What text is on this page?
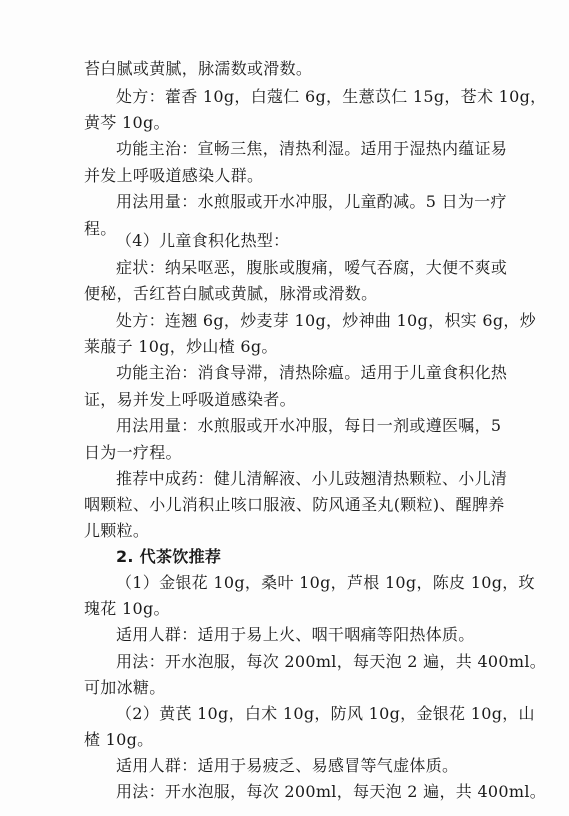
苔白腻或黄腻，脉濡数或滑数。
处方：藿香 10g，白蔻仁 6g，生薏苡仁 15g，苍术 10g，
黄芩 10g。
功能主治：宣畅三焦，清热利湿。适用于湿热内蕴证易
并发上呼吸道感染人群。
用法用量：水煎服或开水冲服，儿童酌减。5 日为一疗
程。
（4）儿童食积化热型：
症状：纳呆呕恶，腹胀或腹痛，嗳气吞腐，大便不爽或
便秘，舌红苔白腻或黄腻，脉滑或滑数。
处方：连翘 6g，炒麦芽 10g，炒神曲 10g，枳实 6g，炒
莱菔子 10g，炒山楂 6g。
功能主治：消食导滞，清热除瘟。适用于儿童食积化热
证，易并发上呼吸道感染者。
用法用量：水煎服或开水冲服，每日一剂或遵医嘱，5
日为一疗程。
推荐中成药：健儿清解液、小儿豉翘清热颗粒、小儿清
咽颗粒、小儿消积止咳口服液、防风通圣丸(颗粒)、醒脾养
儿颗粒。
2. 代茶饮推荐
（1）金银花 10g，桑叶 10g，芦根 10g，陈皮 10g，玫
瑰花 10g。
适用人群：适用于易上火、咽干咽痛等阳热体质。
用法：开水泡服，每次 200ml，每天泡 2 遍，共 400ml。
可加冰糖。
（2）黄芪 10g，白术 10g，防风 10g，金银花 10g，山
楂 10g。
适用人群：适用于易疲乏、易感冒等气虚体质。
用法：开水泡服，每次 200ml，每天泡 2 遍，共 400ml。
